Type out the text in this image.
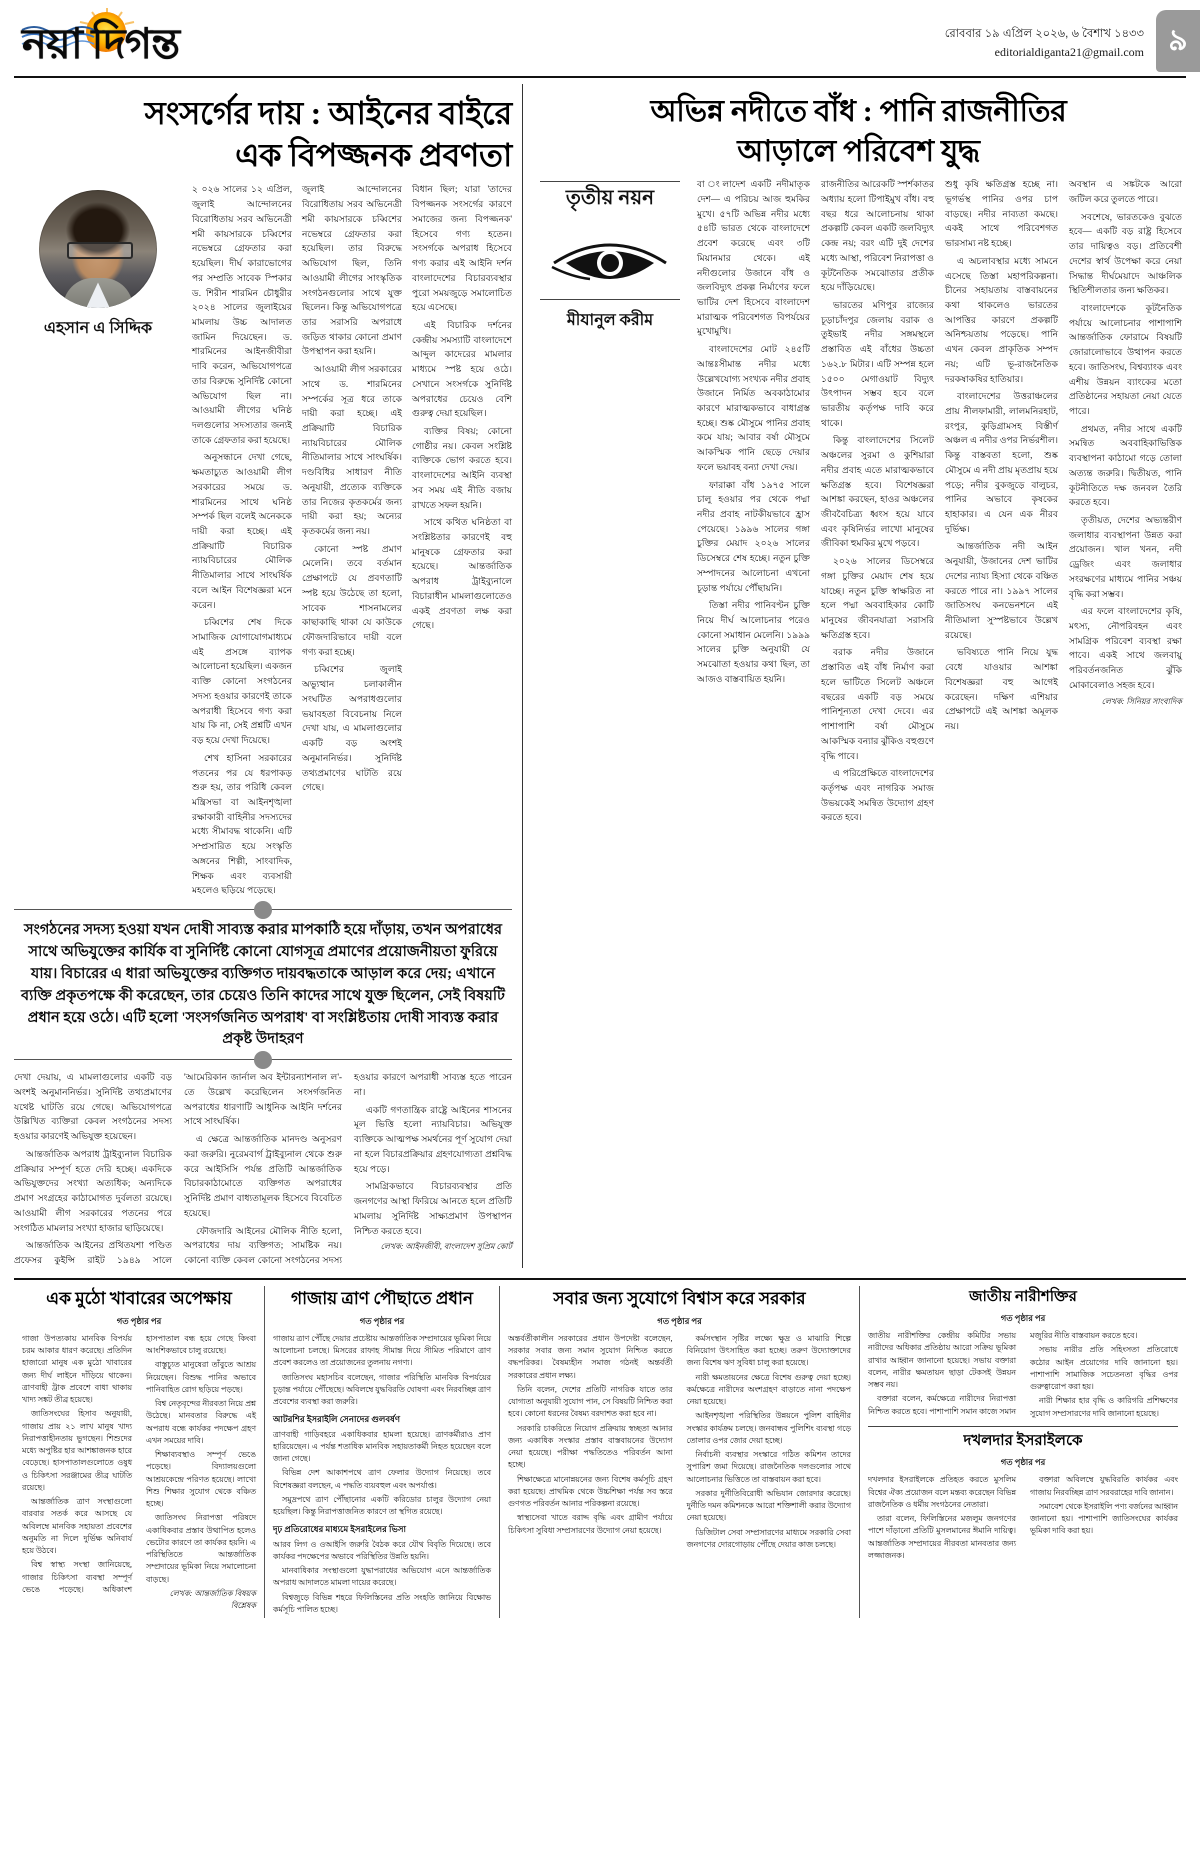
নয়া দিগন্ত	রোববার ১৯ এপ্রিল ২০২৬, ৬ বৈশাখ ১৪৩৩
editorialdiganta21@gmail.com ৯
সংসর্গের দায় : আইনের বাইরে
এক বিপজ্জনক প্রবণতা
এহসান এ সিদ্দিক

২ ০২৬ সালের ১২ এপ্রিল, জুলাই আন্দোলনের বিরোধিতায় সরব অভিনেত্রী শমী কায়সারকে চব্বিশের নভেম্বরে গ্রেফতার করা হয়েছিল। দীর্ঘ কারাভোগের পর সম্প্রতি সাবেক স্পিকার ড. শিরীন শারমিন চৌধুরীর ২০২৪ সালের জুলাইয়ের মামলায় উচ্চ আদালত জামিন দিয়েছেন। ড. শারমিনের আইনজীবীরা দাবি করেন, অভিযোগপত্রে তার বিরুদ্ধে সুনির্দিষ্ট কোনো অভিযোগ ছিল না। আওয়ামী লীগের ঘনিষ্ঠ দলগুলোর সদস্যতার জন্যই তাকে গ্রেফতার করা হয়েছে।

অনুসন্ধানে দেখা গেছে, ক্ষমতাচ্যুত আওয়ামী লীগ সরকারের সময়ে ড. শারমিনের সাথে ঘনিষ্ঠ সম্পর্ক ছিল বলেই অনেককে দায়ী করা হচ্ছে। এই প্রক্রিয়াটি বিচারিক ন্যায়বিচারের মৌলিক নীতিমালার সাথে সাংঘর্ষিক বলে আইন বিশেষজ্ঞরা মনে করেন।

চব্বিশের শেষ দিকে সামাজিক যোগাযোগমাধ্যমে এই প্রসঙ্গে ব্যাপক আলোচনা হয়েছিল। একজন ব্যক্তি কোনো সংগঠনের সদস্য হওয়ার কারণেই তাকে অপরাধী হিসেবে গণ্য করা যায় কি না, সেই প্রশ্নটি এখন বড় হয়ে দেখা দিয়েছে।

শেখ হাসিনা সরকারের পতনের পর যে ধরপাকড় শুরু হয়, তার পরিধি কেবল মন্ত্রিসভা বা আইনশৃঙ্খলা রক্ষাকারী বাহিনীর সদস্যদের মধ্যে সীমাবদ্ধ থাকেনি। এটি সম্প্রসারিত হয়ে সংস্কৃতি অঙ্গনের শিল্পী, সাংবাদিক, শিক্ষক এবং ব্যবসায়ী মহলেও ছড়িয়ে পড়েছে।

জুলাই আন্দোলনের বিরোধিতায় সরব অভিনেত্রী শমী কায়সারকে চব্বিশের নভেম্বরে গ্রেফতার করা হয়েছিল। তার বিরুদ্ধে অভিযোগ ছিল, তিনি আওয়ামী লীগের সাংস্কৃতিক সংগঠনগুলোর সাথে যুক্ত ছিলেন। কিন্তু অভিযোগপত্রে তার সরাসরি অপরাধে জড়িত থাকার কোনো প্রমাণ উপস্থাপন করা হয়নি।

আওয়ামী লীগ সরকারের সাথে ড. শারমিনের সম্পর্কের সূত্র ধরে তাকে দায়ী করা হচ্ছে। এই প্রক্রিয়াটি বিচারিক ন্যায়বিচারের মৌলিক নীতিমালার সাথে সাংঘর্ষিক। দণ্ডবিধির সাধারণ নীতি অনুযায়ী, প্রত্যেক ব্যক্তিকে তার নিজের কৃতকর্মের জন্য দায়ী করা হয়; অন্যের কৃতকর্মের জন্য নয়।

কোনো স্পষ্ট প্রমাণ মেলেনি। তবে বর্তমান প্রেক্ষাপটে যে প্রবণতাটি স্পষ্ট হয়ে উঠেছে তা হলো, সাবেক শাসনামলের কাছাকাছি থাকা যে কাউকে ফৌজদারিভাবে দায়ী বলে গণ্য করা হচ্ছে।

চব্বিশের জুলাই অভ্যুত্থান চলাকালীন সংঘটিত অপরাধগুলোর ভয়াবহতা বিবেচনায় নিলে দেখা যায়, এ মামলাগুলোর একটি বড় অংশই অনুমাননির্ভর। সুনির্দিষ্ট তথ্যপ্রমাণের ঘাটতি রয়ে গেছে।

বিধান ছিল; যারা 'তাদের বিপজ্জনক সংসর্গের কারণে সমাজের জন্য বিপজ্জনক' হিসেবে গণ্য হতেন। সংসর্গকে অপরাধ হিসেবে গণ্য করার এই আইনি দর্শন বাংলাদেশের বিচারব্যবস্থার পুরো সময়জুড়ে সমালোচিত হয়ে এসেছে।

এই বিচারিক দর্শনের কেন্দ্রীয় সমস্যাটি বাংলাদেশে আব্দুল কাদেরের মামলার মাধ্যমে স্পষ্ট হয়ে ওঠে। সেখানে সংসর্গকে সুনির্দিষ্ট অপরাধের চেয়েও বেশি গুরুত্ব দেয়া হয়েছিল।

ব্যক্তির বিষয়; কোনো গোষ্ঠীর নয়। কেবল সংশ্লিষ্ট ব্যক্তিকে ভোগ করতে হবে। বাংলাদেশের আইনি ব্যবস্থা সব সময় এই নীতি বজায় রাখতে সফল হয়নি।

সাথে কথিত ঘনিষ্ঠতা বা সংশ্লিষ্টতার কারণেই বহু মানুষকে গ্রেফতার করা হয়েছে। আন্তর্জাতিক অপরাধ ট্রাইব্যুনালে বিচারাধীন মামলাগুলোতেও একই প্রবণতা লক্ষ করা গেছে।

সংগঠনের সদস্য হওয়া যখন দোষী সাব্যস্ত করার মাপকাঠি হয়ে দাঁড়ায়, তখন অপরাধের সাথে অভিযুক্তের কার্যিক বা সুনির্দিষ্ট কোনো যোগসূত্র প্রমাণের প্রয়োজনীয়তা ফুরিয়ে যায়। বিচারের এ ধারা অভিযুক্তের ব্যক্তিগত দায়বদ্ধতাকে আড়াল করে দেয়; এখানে ব্যক্তি প্রকৃতপক্ষে কী করেছেন, তার চেয়েও তিনি কাদের সাথে যুক্ত ছিলেন, সেই বিষয়টি প্রধান হয়ে ওঠে। এটি হলো 'সংসর্গজনিত অপরাধ' বা সংশ্লিষ্টতায় দোষী সাব্যস্ত করার প্রকৃষ্ট উদাহরণ

দেখা দেয়ায়, এ মামলাগুলোর একটি বড় অংশই অনুমাননির্ভর। সুনির্দিষ্ট তথ্যপ্রমাণের যথেষ্ট ঘাটতি রয়ে গেছে। অভিযোগপত্রে উল্লিখিত ব্যক্তিরা কেবল সংগঠনের সদস্য হওয়ার কারণেই অভিযুক্ত হয়েছেন।

আন্তর্জাতিক অপরাধ ট্রাইব্যুনাল বিচারিক প্রক্রিয়ার সম্পূর্ণ হতে দেরি হচ্ছে। একদিকে অভিযুক্তদের সংখ্যা অত্যধিক; অন্যদিকে প্রমাণ সংগ্রহের কাঠামোগত দুর্বলতা রয়েছে। আওয়ামী লীগ সরকারের পতনের পরে সংগঠিত মামলার সংখ্যা হাজার ছাড়িয়েছে।

আন্তর্জাতিক আইনের প্রথিতযশা পণ্ডিত প্রফেসর কুইন্সি রাইট ১৯৪৯ সালে 'আমেরিকান জার্নাল অব ইন্টারন্যাশনাল ল'-তে উল্লেখ করেছিলেন সংসর্গজনিত অপরাধের ধারণাটি আধুনিক আইনি দর্শনের সাথে সাংঘর্ষিক।

এ ক্ষেত্রে আন্তর্জাতিক মানদণ্ড অনুসরণ করা জরুরি। নুরেমবার্গ ট্রাইব্যুনাল থেকে শুরু করে আইসিসি পর্যন্ত প্রতিটি আন্তর্জাতিক বিচারকাঠামোতে ব্যক্তিগত অপরাধের সুনির্দিষ্ট প্রমাণ বাধ্যতামূলক হিসেবে বিবেচিত হয়েছে।

ফৌজদারি আইনের মৌলিক নীতি হলো, অপরাধের দায় ব্যক্তিগত; সামষ্টিক নয়। কোনো ব্যক্তি কেবল কোনো সংগঠনের সদস্য হওয়ার কারণে অপরাধী সাব্যস্ত হতে পারেন না।

একটি গণতান্ত্রিক রাষ্ট্রে আইনের শাসনের মূল ভিত্তি হলো ন্যায়বিচার। অভিযুক্ত ব্যক্তিকে আত্মপক্ষ সমর্থনের পূর্ণ সুযোগ দেয়া না হলে বিচারপ্রক্রিয়ার গ্রহণযোগ্যতা প্রশ্নবিদ্ধ হয়ে পড়ে।

সামগ্রিকভাবে বিচারব্যবস্থার প্রতি জনগণের আস্থা ফিরিয়ে আনতে হলে প্রতিটি মামলায় সুনির্দিষ্ট সাক্ষ্যপ্রমাণ উপস্থাপন নিশ্চিত করতে হবে।

লেখক: আইনজীবী, বাংলাদেশ সুপ্রিম কোর্ট

অভিন্ন নদীতে বাঁধ : পানি রাজনীতির
আড়ালে পরিবেশ যুদ্ধ
তৃতীয় নয়ন
মীযানুল করীম

বা ংলাদেশ একটি নদীমাতৃক দেশ— এ পরিচয় আজ হুমকির মুখে। ৫৭টি অভিন্ন নদীর মধ্যে ৫৪টি ভারত থেকে বাংলাদেশে প্রবেশ করেছে এবং ৩টি মিয়ানমার থেকে। এই নদীগুলোর উজানে বাঁধ ও জলবিদ্যুৎ প্রকল্প নির্মাণের ফলে ভাটির দেশ হিসেবে বাংলাদেশ মারাত্মক পরিবেশগত বিপর্যয়ের মুখোমুখি।

বাংলাদেশের মোট ২৪৫টি আন্তঃসীমান্ত নদীর মধ্যে উল্লেখযোগ্য সংখ্যক নদীর প্রবাহ উজানে নির্মিত অবকাঠামোর কারণে মারাত্মকভাবে বাধাগ্রস্ত হচ্ছে। শুষ্ক মৌসুমে পানির প্রবাহ কমে যায়; আবার বর্ষা মৌসুমে আকস্মিক পানি ছেড়ে দেয়ার ফলে ভয়াবহ বন্যা দেখা দেয়।

ফারাক্কা বাঁধ ১৯৭৫ সালে চালু হওয়ার পর থেকে পদ্মা নদীর প্রবাহ নাটকীয়ভাবে হ্রাস পেয়েছে। ১৯৯৬ সালের গঙ্গা চুক্তির মেয়াদ ২০২৬ সালের ডিসেম্বরে শেষ হচ্ছে। নতুন চুক্তি সম্পাদনের আলোচনা এখনো চূড়ান্ত পর্যায়ে পৌঁছায়নি।

তিস্তা নদীর পানিবণ্টন চুক্তি নিয়ে দীর্ঘ আলোচনার পরেও কোনো সমাধান মেলেনি। ১৯৯৯ সালের চুক্তি অনুযায়ী যে সমঝোতা হওয়ার কথা ছিল, তা আজও বাস্তবায়িত হয়নি।

রাজনীতির আরেকটি স্পর্শকাতর অধ্যায় হলো টিপাইমুখ বাঁধ। বহু বছর ধরে আলোচনায় থাকা প্রকল্পটি কেবল একটি জলবিদ্যুৎ কেন্দ্র নয়; বরং এটি দুই দেশের মধ্যে আস্থা, পরিবেশ নিরাপত্তা ও কূটনৈতিক সমঝোতার প্রতীক হয়ে দাঁড়িয়েছে।

ভারতের মণিপুর রাজ্যের চূড়াচাঁদপুর জেলায় বরাক ও তুইভাই নদীর সঙ্গমস্থলে প্রস্তাবিত এই বাঁধের উচ্চতা ১৬২.৮ মিটার। এটি সম্পন্ন হলে ১৫০০ মেগাওয়াট বিদ্যুৎ উৎপাদন সম্ভব হবে বলে ভারতীয় কর্তৃপক্ষ দাবি করে থাকে।

কিন্তু বাংলাদেশের সিলেট অঞ্চলের সুরমা ও কুশিয়ারা নদীর প্রবাহ এতে মারাত্মকভাবে ক্ষতিগ্রস্ত হবে। বিশেষজ্ঞরা আশঙ্কা করছেন, হাওর অঞ্চলের জীববৈচিত্র্য ধ্বংস হয়ে যাবে এবং কৃষিনির্ভর লাখো মানুষের জীবিকা হুমকির মুখে পড়বে।

২০২৬ সালের ডিসেম্বরে গঙ্গা চুক্তির মেয়াদ শেষ হয়ে যাচ্ছে। নতুন চুক্তি স্বাক্ষরিত না হলে পদ্মা অববাহিকার কোটি মানুষের জীবনযাত্রা সরাসরি ক্ষতিগ্রস্ত হবে।

বরাক নদীর উজানে প্রস্তাবিত এই বাঁধ নির্মাণ করা হলে ভাটিতে সিলেট অঞ্চলে বছরের একটি বড় সময়ে পানিশূন্যতা দেখা দেবে। এর পাশাপাশি বর্ষা মৌসুমে আকস্মিক বন্যার ঝুঁকিও বহুগুণে বৃদ্ধি পাবে।

এ পরিপ্রেক্ষিতে বাংলাদেশের কর্তৃপক্ষ এবং নাগরিক সমাজ উভয়কেই সমন্বিত উদ্যোগ গ্রহণ করতে হবে।

শুধু কৃষি ক্ষতিগ্রস্ত হচ্ছে না। ভূগর্ভস্থ পানির ওপর চাপ বাড়ছে। নদীর নাব্যতা কমছে। একই সাথে পরিবেশগত ভারসাম্য নষ্ট হচ্ছে।

এ অচলাবস্থার মধ্যে সামনে এসেছে তিস্তা মহাপরিকল্পনা। চীনের সহায়তায় বাস্তবায়নের কথা থাকলেও ভারতের আপত্তির কারণে প্রকল্পটি অনিশ্চয়তায় পড়েছে। পানি এখন কেবল প্রাকৃতিক সম্পদ নয়; এটি ভূ-রাজনৈতিক দরকষাকষির হাতিয়ার।

বাংলাদেশের উত্তরাঞ্চলের প্রায় নীলফামারী, লালমনিরহাট, রংপুর, কুড়িগ্রামসহ বিস্তীর্ণ অঞ্চল এ নদীর ওপর নির্ভরশীল। কিন্তু বাস্তবতা হলো, শুষ্ক মৌসুমে এ নদী প্রায় মৃতপ্রায় হয়ে পড়ে; নদীর বুকজুড়ে বালুচর, পানির অভাবে কৃষকের হাহাকার। এ যেন এক নীরব দুর্ভিক্ষ।

আন্তর্জাতিক নদী আইন অনুযায়ী, উজানের দেশ ভাটির দেশের ন্যায্য হিস্যা থেকে বঞ্চিত করতে পারে না। ১৯৯৭ সালের জাতিসংঘ কনভেনশনে এই নীতিমালা সুস্পষ্টভাবে উল্লেখ রয়েছে।

ভবিষ্যতে পানি নিয়ে যুদ্ধ বেধে যাওয়ার আশঙ্কা বিশেষজ্ঞরা বহু আগেই করেছেন। দক্ষিণ এশিয়ার প্রেক্ষাপটে এই আশঙ্কা অমূলক নয়।

অবস্থান এ সঙ্কটকে আরো জটিল করে তুলতে পারে।

সবশেষে, ভারতকেও বুঝতে হবে— একটি বড় রাষ্ট্র হিসেবে তার দায়িত্বও বড়। প্রতিবেশী দেশের স্বার্থ উপেক্ষা করে নেয়া সিদ্ধান্ত দীর্ঘমেয়াদে আঞ্চলিক স্থিতিশীলতার জন্য ক্ষতিকর।

বাংলাদেশকে কূটনৈতিক পর্যায়ে আলোচনার পাশাপাশি আন্তর্জাতিক ফোরামে বিষয়টি জোরালোভাবে উত্থাপন করতে হবে। জাতিসংঘ, বিশ্বব্যাংক এবং এশীয় উন্নয়ন ব্যাংকের মতো প্রতিষ্ঠানের সহায়তা নেয়া যেতে পারে।

প্রথমত, নদীর সাথে একটি সমন্বিত অববাহিকাভিত্তিক ব্যবস্থাপনা কাঠামো গড়ে তোলা অত্যন্ত জরুরি। দ্বিতীয়ত, পানি কূটনীতিতে দক্ষ জনবল তৈরি করতে হবে।

তৃতীয়ত, দেশের অভ্যন্তরীণ জলাধার ব্যবস্থাপনা উন্নত করা প্রয়োজন। খাল খনন, নদী ড্রেজিং এবং জলাধার সংরক্ষণের মাধ্যমে পানির সঞ্চয় বৃদ্ধি করা সম্ভব।

এর ফলে বাংলাদেশের কৃষি, মৎস্য, নৌপরিবহন এবং সামগ্রিক পরিবেশ ব্যবস্থা রক্ষা পাবে। একই সাথে জলবায়ু পরিবর্তনজনিত ঝুঁকি মোকাবেলাও সহজ হবে।

লেখক: সিনিয়র সাংবাদিক

এক মুঠো খাবারের অপেক্ষায়
গত পৃষ্ঠার পর

গাজা উপত্যকায় মানবিক বিপর্যয় চরম আকার ধারণ করেছে। প্রতিদিন হাজারো মানুষ এক মুঠো খাবারের জন্য দীর্ঘ লাইনে দাঁড়িয়ে থাকেন। ত্রাণবাহী ট্রাক প্রবেশে বাধা থাকায় খাদ্য সঙ্কট তীব্র হয়েছে।

জাতিসংঘের হিসাব অনুযায়ী, গাজায় প্রায় ২১ লাখ মানুষ খাদ্য নিরাপত্তাহীনতায় ভুগছেন। শিশুদের মধ্যে অপুষ্টির হার আশঙ্কাজনক হারে বেড়েছে। হাসপাতালগুলোতে ওষুধ ও চিকিৎসা সরঞ্জামের তীব্র ঘাটতি রয়েছে।

আন্তর্জাতিক ত্রাণ সংস্থাগুলো বারবার সতর্ক করে আসছে যে অবিলম্বে মানবিক সহায়তা প্রবেশের অনুমতি না দিলে দুর্ভিক্ষ অনিবার্য হয়ে উঠবে।

বিশ্ব স্বাস্থ্য সংস্থা জানিয়েছে, গাজার চিকিৎসা ব্যবস্থা সম্পূর্ণ ভেঙে পড়েছে। অধিকাংশ হাসপাতাল বন্ধ হয়ে গেছে কিংবা আংশিকভাবে চালু রয়েছে।

বাস্তুচ্যুত মানুষেরা তাঁবুতে আশ্রয় নিয়েছেন। বিশুদ্ধ পানির অভাবে পানিবাহিত রোগ ছড়িয়ে পড়ছে।

বিশ্ব নেতৃবৃন্দের নীরবতা নিয়ে প্রশ্ন উঠেছে। মানবতার বিরুদ্ধে এই অপরাধ বন্ধে কার্যকর পদক্ষেপ গ্রহণ এখন সময়ের দাবি।

শিক্ষাব্যবস্থাও সম্পূর্ণ ভেঙে পড়েছে। বিদ্যালয়গুলো আশ্রয়কেন্দ্রে পরিণত হয়েছে। লাখো শিশু শিক্ষার সুযোগ থেকে বঞ্চিত হচ্ছে।

জাতিসংঘ নিরাপত্তা পরিষদে একাধিকবার প্রস্তাব উত্থাপিত হলেও ভেটোর কারণে তা কার্যকর হয়নি। এ পরিস্থিতিতে আন্তর্জাতিক সম্প্রদায়ের ভূমিকা নিয়ে সমালোচনা বাড়ছে।

লেখক: আন্তর্জাতিক বিষয়ক বিশ্লেষক

গাজায় ত্রাণ পৌছাতে প্রধান
গত পৃষ্ঠার পর

গাজায় ত্রাণ পৌঁছে দেয়ার প্রচেষ্টায় আন্তর্জাতিক সম্প্রদায়ের ভূমিকা নিয়ে আলোচনা চলছে। মিসরের রাফাহ সীমান্ত দিয়ে সীমিত পরিমাণে ত্রাণ প্রবেশ করলেও তা প্রয়োজনের তুলনায় নগণ্য।

জাতিসংঘ মহাসচিব বলেছেন, গাজার পরিস্থিতি মানবিক বিপর্যয়ের চূড়ান্ত পর্যায়ে পৌঁছেছে। অবিলম্বে যুদ্ধবিরতি ঘোষণা এবং নিরবচ্ছিন্ন ত্রাণ প্রবেশের ব্যবস্থা করা জরুরি।

আটরশির ইসরাইলি সেনাদের গুলবর্ষণ

ত্রাণবাহী গাড়িবহরে একাধিকবার হামলা হয়েছে। ত্রাণকর্মীরাও প্রাণ হারিয়েছেন। এ পর্যন্ত শতাধিক মানবিক সহায়তাকর্মী নিহত হয়েছেন বলে জানা গেছে।

বিভিন্ন দেশ আকাশপথে ত্রাণ ফেলার উদ্যোগ নিয়েছে। তবে বিশেষজ্ঞরা বলছেন, এ পদ্ধতি ব্যয়বহুল এবং অপর্যাপ্ত।

সমুদ্রপথে ত্রাণ পৌঁছানোর একটি করিডোর চালুর উদ্যোগ নেয়া হয়েছিল। কিন্তু নিরাপত্তাজনিত কারণে তা স্থগিত রয়েছে।

দৃঢ় প্রতিরোধের মাধ্যমে ইসরাইলের ভিসা

আরব লিগ ও ওআইসি জরুরি বৈঠক করে যৌথ বিবৃতি দিয়েছে। তবে কার্যকর পদক্ষেপের অভাবে পরিস্থিতির উন্নতি হয়নি।

মানবাধিকার সংস্থাগুলো যুদ্ধাপরাধের অভিযোগ এনে আন্তর্জাতিক অপরাধ আদালতে মামলা দায়ের করেছে।

বিশ্বজুড়ে বিভিন্ন শহরে ফিলিস্তিনের প্রতি সংহতি জানিয়ে বিক্ষোভ কর্মসূচি পালিত হচ্ছে।

সবার জন্য সুযোগে বিশ্বাস করে সরকার
গত পৃষ্ঠার পর

অন্তর্বর্তীকালীন সরকারের প্রধান উপদেষ্টা বলেছেন, সরকার সবার জন্য সমান সুযোগ নিশ্চিত করতে বদ্ধপরিকর। বৈষম্যহীন সমাজ গঠনই অন্তর্বর্তী সরকারের প্রধান লক্ষ্য।

তিনি বলেন, দেশের প্রতিটি নাগরিক যাতে তার যোগ্যতা অনুযায়ী সুযোগ পান, সে বিষয়টি নিশ্চিত করা হবে। কোনো ধরনের বৈষম্য বরদাশত করা হবে না।

সরকারি চাকরিতে নিয়োগ প্রক্রিয়ায় স্বচ্ছতা আনার জন্য একাধিক সংস্কার প্রস্তাব বাস্তবায়নের উদ্যোগ নেয়া হয়েছে। পরীক্ষা পদ্ধতিতেও পরিবর্তন আনা হচ্ছে।

শিক্ষাক্ষেত্রে মানোন্নয়নের জন্য বিশেষ কর্মসূচি গ্রহণ করা হয়েছে। প্রাথমিক থেকে উচ্চশিক্ষা পর্যন্ত সব স্তরে গুণগত পরিবর্তন আনার পরিকল্পনা রয়েছে।

স্বাস্থ্যসেবা খাতে বরাদ্দ বৃদ্ধি এবং গ্রামীণ পর্যায়ে চিকিৎসা সুবিধা সম্প্রসারণের উদ্যোগ নেয়া হয়েছে।

কর্মসংস্থান সৃষ্টির লক্ষ্যে ক্ষুদ্র ও মাঝারি শিল্পে বিনিয়োগ উৎসাহিত করা হচ্ছে। তরুণ উদ্যোক্তাদের জন্য বিশেষ ঋণ সুবিধা চালু করা হয়েছে।

নারী ক্ষমতায়নের ক্ষেত্রে বিশেষ গুরুত্ব দেয়া হচ্ছে। কর্মক্ষেত্রে নারীদের অংশগ্রহণ বাড়াতে নানা পদক্ষেপ নেয়া হয়েছে।

আইনশৃঙ্খলা পরিস্থিতির উন্নয়নে পুলিশ বাহিনীর সংস্কার কার্যক্রম চলছে। জনবান্ধব পুলিশিং ব্যবস্থা গড়ে তোলার ওপর জোর দেয়া হচ্ছে।

নির্বাচনী ব্যবস্থার সংস্কারে গঠিত কমিশন তাদের সুপারিশ জমা দিয়েছে। রাজনৈতিক দলগুলোর সাথে আলোচনার ভিত্তিতে তা বাস্তবায়ন করা হবে।

সরকার দুর্নীতিবিরোধী অভিযান জোরদার করেছে। দুর্নীতি দমন কমিশনকে আরো শক্তিশালী করার উদ্যোগ নেয়া হয়েছে।

ডিজিটাল সেবা সম্প্রসারণের মাধ্যমে সরকারি সেবা জনগণের দোরগোড়ায় পৌঁছে দেয়ার কাজ চলছে।

জাতীয় নারীশক্তির
গত পৃষ্ঠার পর

জাতীয় নারীশক্তির কেন্দ্রীয় কমিটির সভায় নারীদের অধিকার প্রতিষ্ঠায় আরো সক্রিয় ভূমিকা রাখার আহ্বান জানানো হয়েছে। সভায় বক্তারা বলেন, নারীর ক্ষমতায়ন ছাড়া টেকসই উন্নয়ন সম্ভব নয়।

বক্তারা বলেন, কর্মক্ষেত্রে নারীদের নিরাপত্তা নিশ্চিত করতে হবে। পাশাপাশি সমান কাজে সমান মজুরির নীতি বাস্তবায়ন করতে হবে।

সভায় নারীর প্রতি সহিংসতা প্রতিরোধে কঠোর আইন প্রয়োগের দাবি জানানো হয়। পাশাপাশি সামাজিক সচেতনতা বৃদ্ধির ওপর গুরুত্বারোপ করা হয়।

নারী শিক্ষার হার বৃদ্ধি ও কারিগরি প্রশিক্ষণের সুযোগ সম্প্রসারণের দাবি জানানো হয়েছে।

দখলদার ইসরাইলকে
গত পৃষ্ঠার পর

দখলদার ইসরাইলকে প্রতিহত করতে মুসলিম বিশ্বের ঐক্য প্রয়োজন বলে মন্তব্য করেছেন বিভিন্ন রাজনৈতিক ও ধর্মীয় সংগঠনের নেতারা।

তারা বলেন, ফিলিস্তিনের মজলুম জনগণের পাশে দাঁড়ানো প্রতিটি মুসলমানের ঈমানি দায়িত্ব। আন্তর্জাতিক সম্প্রদায়ের নীরবতা মানবতার জন্য লজ্জাজনক।

বক্তারা অবিলম্বে যুদ্ধবিরতি কার্যকর এবং গাজায় নিরবচ্ছিন্ন ত্রাণ সরবরাহের দাবি জানান।

সমাবেশ থেকে ইসরাইলি পণ্য বর্জনের আহ্বান জানানো হয়। পাশাপাশি জাতিসংঘের কার্যকর ভূমিকা দাবি করা হয়।
